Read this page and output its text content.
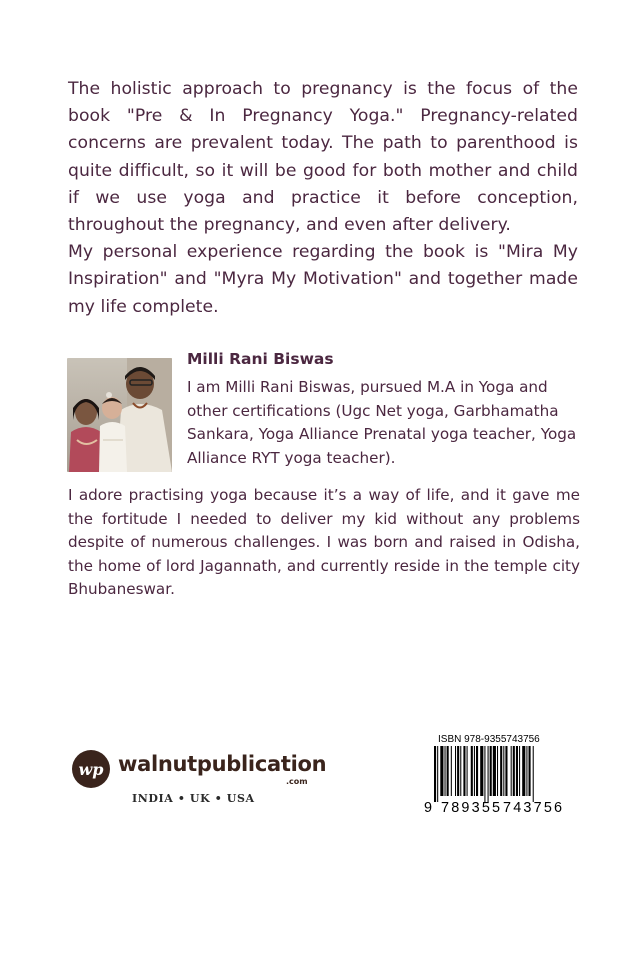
The holistic approach to pregnancy is the focus of the book "Pre & In Pregnancy Yoga." Pregnancy-related concerns are prevalent today. The path to parenthood is quite difficult, so it will be good for both mother and child if we use yoga and practice it before conception, throughout the pregnancy, and even after delivery.

My personal experience regarding the book is "Mira My Inspiration" and "Myra My Motivation" and together made my life complete.

Milli Rani Biswas

I am Milli Rani Biswas, pursued M.A in Yoga and other certifications (Ugc Net yoga, Garbhamatha Sankara, Yoga Alliance Prenatal yoga teacher, Yoga Alliance RYT yoga teacher).

I adore practising yoga because it’s a way of life, and it gave me the fortitude I needed to deliver my kid without any problems despite of numerous challenges. I was born and raised in Odisha, the home of lord Jagannath, and currently reside in the temple city Bhubaneswar.

wp walnutpublication
.com
INDIA • UK • USA
ISBN 978-9355743756
9 789355 743756
